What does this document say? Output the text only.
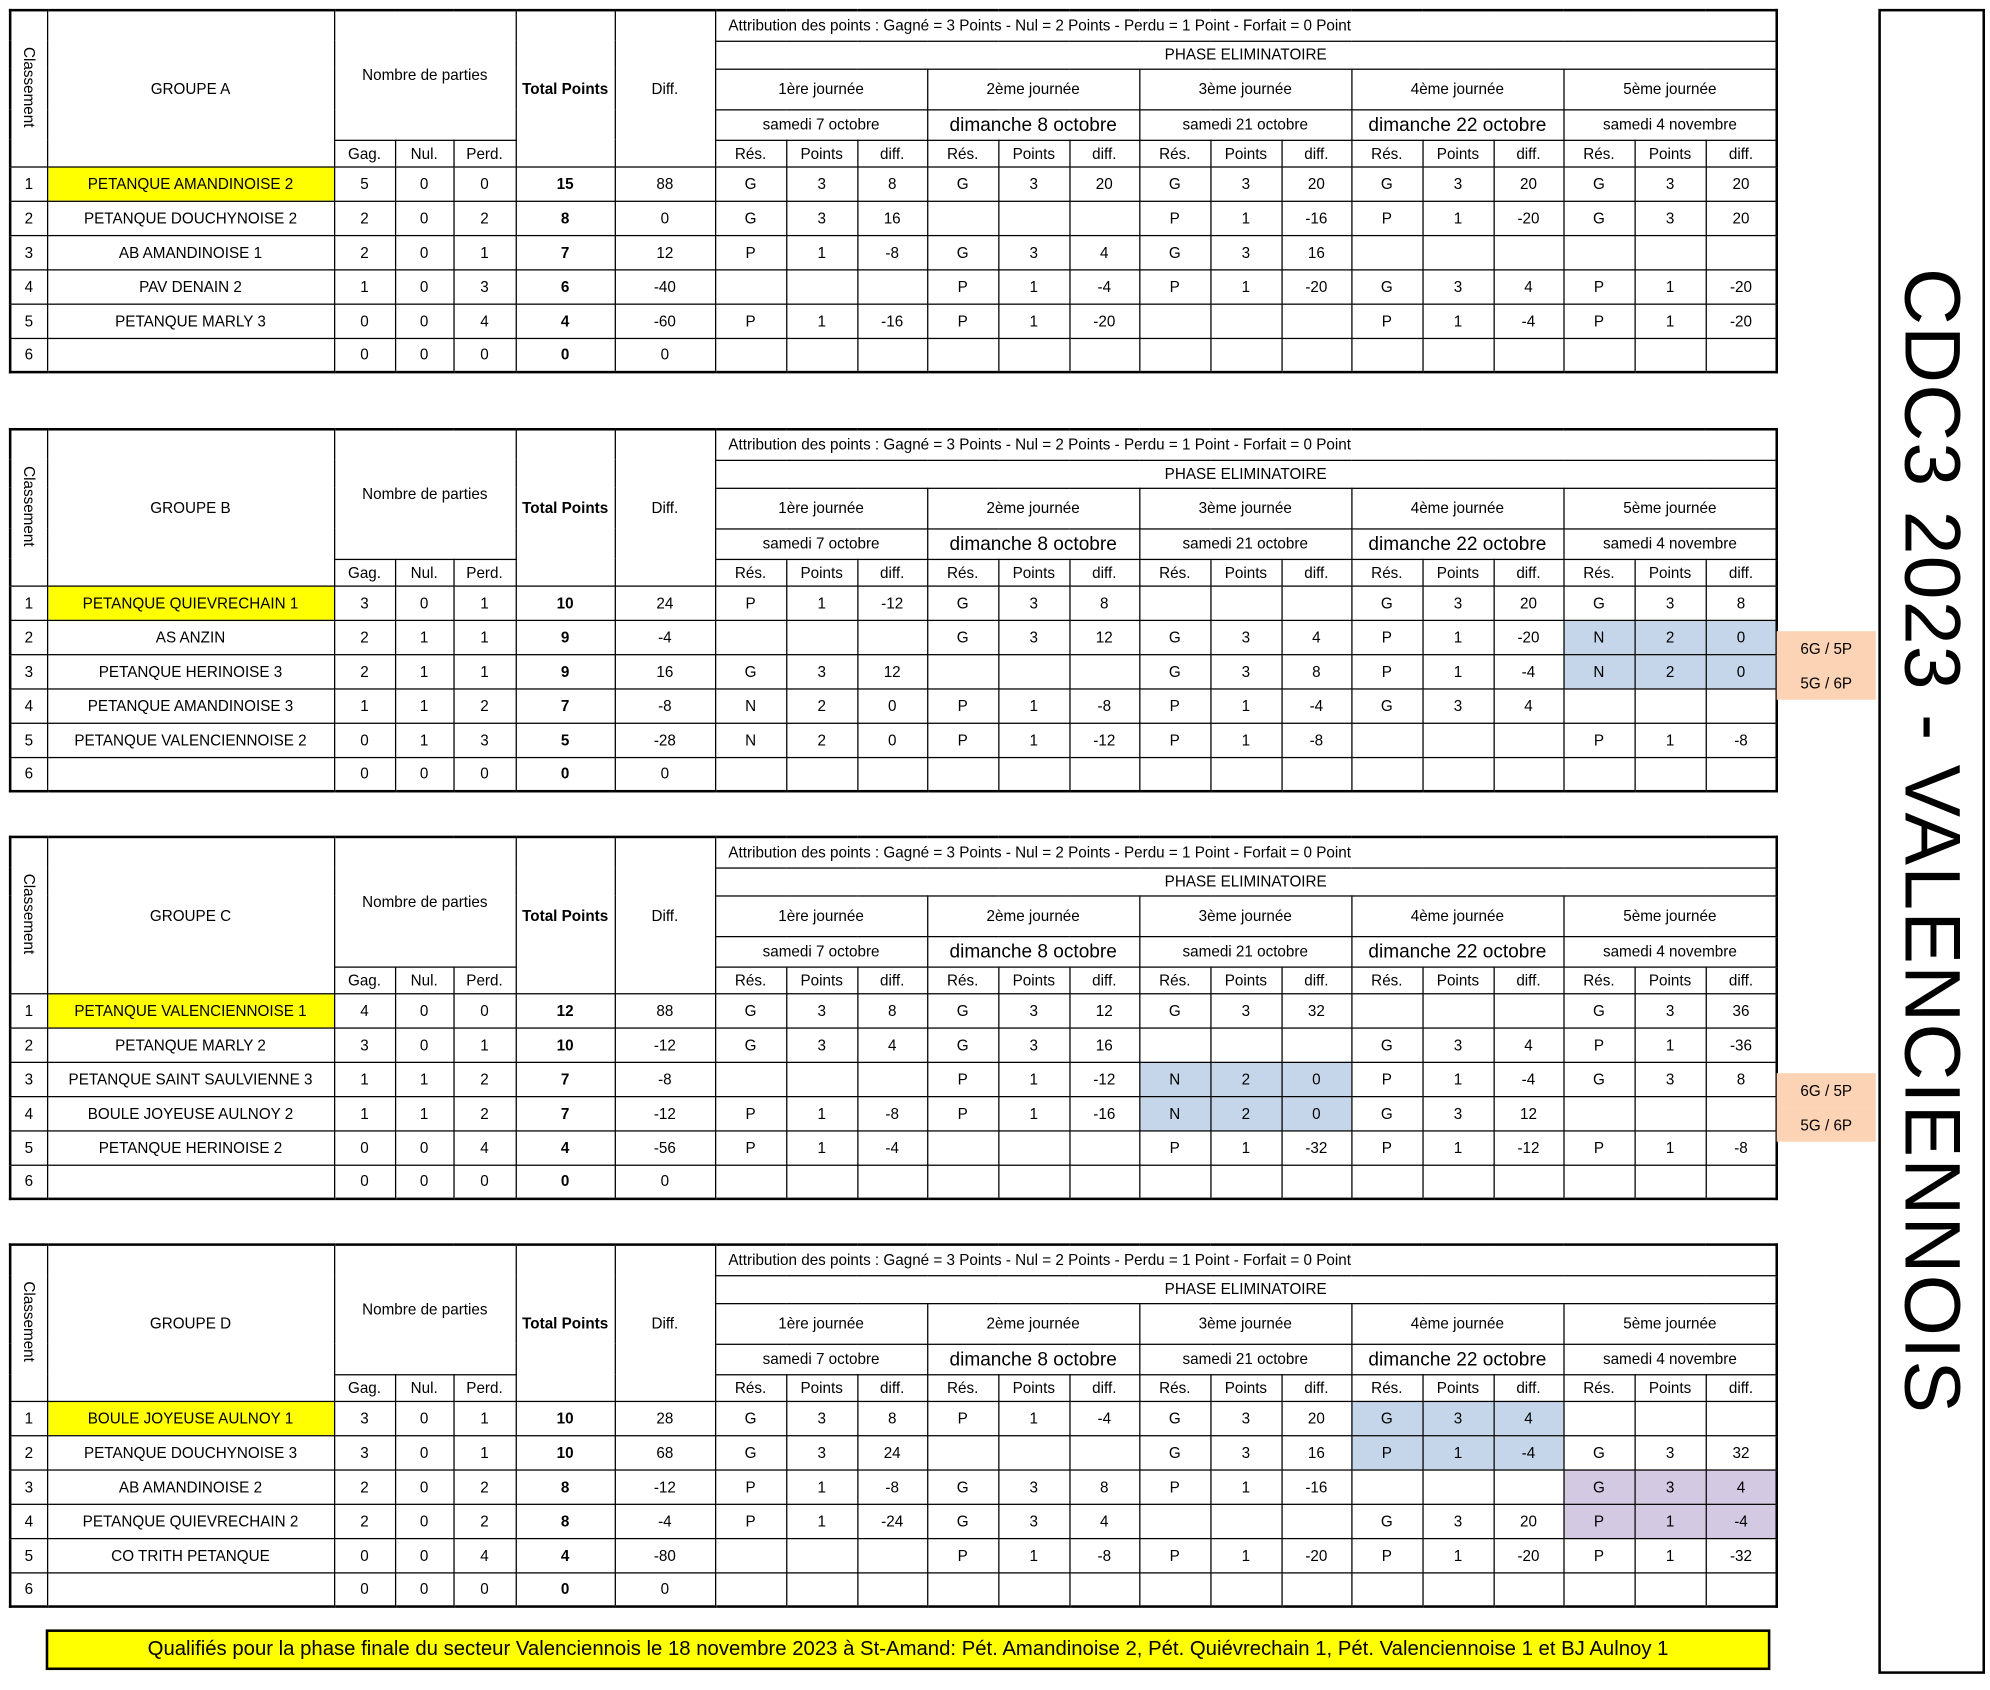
Classement	GROUPE A	Nombre de parties			Total Points	Diff.	Attribution des points : Gagné = 3 Points - Nul = 2 Points - Perdu = 1 Point - Forfait = 0 Point														
							PHASE ELIMINATOIRE														
							1ère journée			2ème journée			3ème journée			4ème journée			5ème journée		
							samedi 7 octobre			dimanche 8 octobre			samedi 21 octobre			dimanche 22 octobre			samedi 4 novembre		
		Gag.	Nul.	Perd.			Rés.	Points	diff.	Rés.	Points	diff.	Rés.	Points	diff.	Rés.	Points	diff.	Rés.	Points	diff.
1	PETANQUE AMANDINOISE 2	5	0	0	15	88	G	3	8	G	3	20	G	3	20	G	3	20	G	3	20
2	PETANQUE DOUCHYNOISE 2	2	0	2	8	0	G	3	16				P	1	-16	P	1	-20	G	3	20
3	AB AMANDINOISE 1	2	0	1	7	12	P	1	-8	G	3	4	G	3	16						
4	PAV DENAIN 2	1	0	3	6	-40				P	1	-4	P	1	-20	G	3	4	P	1	-20
5	PETANQUE MARLY 3	0	0	4	4	-60	P	1	-16	P	1	-20				P	1	-4	P	1	-20
6		0	0	0	0	0															
Classement	GROUPE B	Nombre de parties			Total Points	Diff.	Attribution des points : Gagné = 3 Points - Nul = 2 Points - Perdu = 1 Point - Forfait = 0 Point														
							PHASE ELIMINATOIRE														
							1ère journée			2ème journée			3ème journée			4ème journée			5ème journée		
							samedi 7 octobre			dimanche 8 octobre			samedi 21 octobre			dimanche 22 octobre			samedi 4 novembre		
		Gag.	Nul.	Perd.			Rés.	Points	diff.	Rés.	Points	diff.	Rés.	Points	diff.	Rés.	Points	diff.	Rés.	Points	diff.
1	PETANQUE QUIEVRECHAIN 1	3	0	1	10	24	P	1	-12	G	3	8				G	3	20	G	3	8
2	AS ANZIN	2	1	1	9	-4				G	3	12	G	3	4	P	1	-20	N	2	0
3	PETANQUE HERINOISE 3	2	1	1	9	16	G	3	12				G	3	8	P	1	-4	N	2	0
4	PETANQUE AMANDINOISE 3	1	1	2	7	-8	N	2	0	P	1	-8	P	1	-4	G	3	4			
5	PETANQUE VALENCIENNOISE 2	0	1	3	5	-28	N	2	0	P	1	-12	P	1	-8				P	1	-8
6		0	0	0	0	0															
Classement	GROUPE C	Nombre de parties			Total Points	Diff.	Attribution des points : Gagné = 3 Points - Nul = 2 Points - Perdu = 1 Point - Forfait = 0 Point														
							PHASE ELIMINATOIRE														
							1ère journée			2ème journée			3ème journée			4ème journée			5ème journée		
							samedi 7 octobre			dimanche 8 octobre			samedi 21 octobre			dimanche 22 octobre			samedi 4 novembre		
		Gag.	Nul.	Perd.			Rés.	Points	diff.	Rés.	Points	diff.	Rés.	Points	diff.	Rés.	Points	diff.	Rés.	Points	diff.
1	PETANQUE VALENCIENNOISE 1	4	0	0	12	88	G	3	8	G	3	12	G	3	32				G	3	36
2	PETANQUE MARLY 2	3	0	1	10	-12	G	3	4	G	3	16				G	3	4	P	1	-36
3	PETANQUE SAINT SAULVIENNE 3	1	1	2	7	-8				P	1	-12	N	2	0	P	1	-4	G	3	8
4	BOULE JOYEUSE AULNOY 2	1	1	2	7	-12	P	1	-8	P	1	-16	N	2	0	G	3	12			
5	PETANQUE HERINOISE 2	0	0	4	4	-56	P	1	-4				P	1	-32	P	1	-12	P	1	-8
6		0	0	0	0	0															
Classement	GROUPE D	Nombre de parties			Total Points	Diff.	Attribution des points : Gagné = 3 Points - Nul = 2 Points - Perdu = 1 Point - Forfait = 0 Point														
							PHASE ELIMINATOIRE														
							1ère journée			2ème journée			3ème journée			4ème journée			5ème journée		
							samedi 7 octobre			dimanche 8 octobre			samedi 21 octobre			dimanche 22 octobre			samedi 4 novembre		
		Gag.	Nul.	Perd.			Rés.	Points	diff.	Rés.	Points	diff.	Rés.	Points	diff.	Rés.	Points	diff.	Rés.	Points	diff.
1	BOULE JOYEUSE AULNOY 1	3	0	1	10	28	G	3	8	P	1	-4	G	3	20	G	3	4			
2	PETANQUE DOUCHYNOISE 3	3	0	1	10	68	G	3	24				G	3	16	P	1	-4	G	3	32
3	AB AMANDINOISE 2	2	0	2	8	-12	P	1	-8	G	3	8	P	1	-16				G	3	4
4	PETANQUE QUIEVRECHAIN 2	2	0	2	8	-4	P	1	-24	G	3	4				G	3	20	P	1	-4
5	CO TRITH PETANQUE	0	0	4	4	-80				P	1	-8	P	1	-20	P	1	-20	P	1	-32
6		0	0	0	0	0															
6G / 5P
5G / 6P
6G / 5P
5G / 6P
Qualifiés pour la phase finale du secteur Valenciennois le 18 novembre 2023 à St-Amand: Pét. Amandinoise 2, Pét. Quiévrechain 1, Pét. Valenciennoise 1 et BJ Aulnoy 1
CDC3 2023 - VALENCIENNOIS
